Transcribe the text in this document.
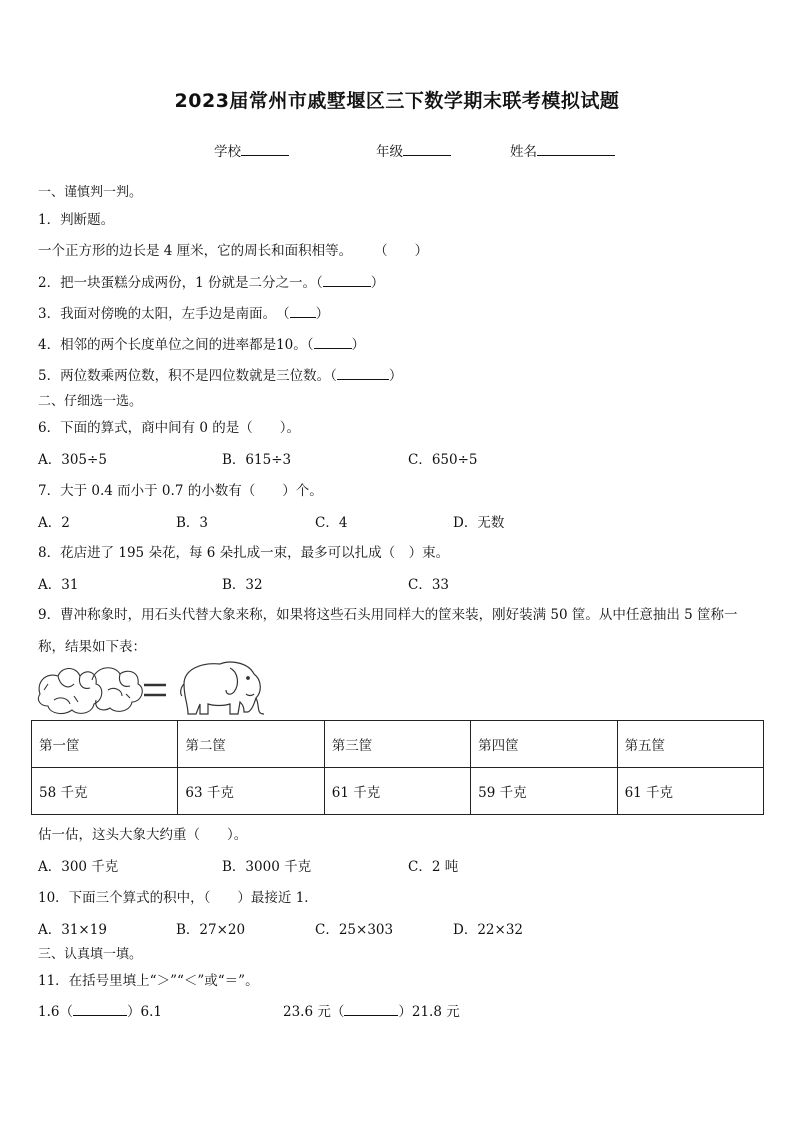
2023届常州市戚墅堰区三下数学期末联考模拟试题
学校	年级	姓名
一、谨慎判一判。
1．判断题。
一个正方形的边长是 4 厘米，它的周长和面积相等。 （　　）
2．把一块蛋糕分成两份，1 份就是二分之一。（	）
3．我面对傍晚的太阳，左手边是南面。　（ ）
4．相邻的两个长度单位之间的进率都是10。（	）
5．两位数乘两位数，积不是四位数就是三位数。（	）
二、仔细选一选。
6．下面的算式，商中间有 0 的是（　　）。
A．305÷5	B．615÷3	C．650÷5
7．大于 0.4 而小于 0.7 的小数有（　　）个。
A．2	B．3	C．4	D．无数
8．花店进了 195 朵花，每 6 朵扎成一束，最多可以扎成（　）束。
A．31	B．32	C．33
9．曹冲称象时，用石头代替大象来称，如果将这些石头用同样大的筐来装，刚好装满 50 筐。从中任意抽出 5 筐称一
称，结果如下表：
第一筐	第二筐	第三筐	第四筐	第五筐
58 千克	63 千克	61 千克	59 千克	61 千克
估一估，这头大象大约重（　　）。
A．300 千克	B．3000 千克	C．2 吨
10．下面三个算式的积中，（　　）最接近 1．
A．31×19	B．27×20	C．25×303	D．22×32
三、认真填一填。
11．在括号里填上“＞”“＜”或“＝”。
1.6（	）6.1	23.6 元（	）21.8 元
